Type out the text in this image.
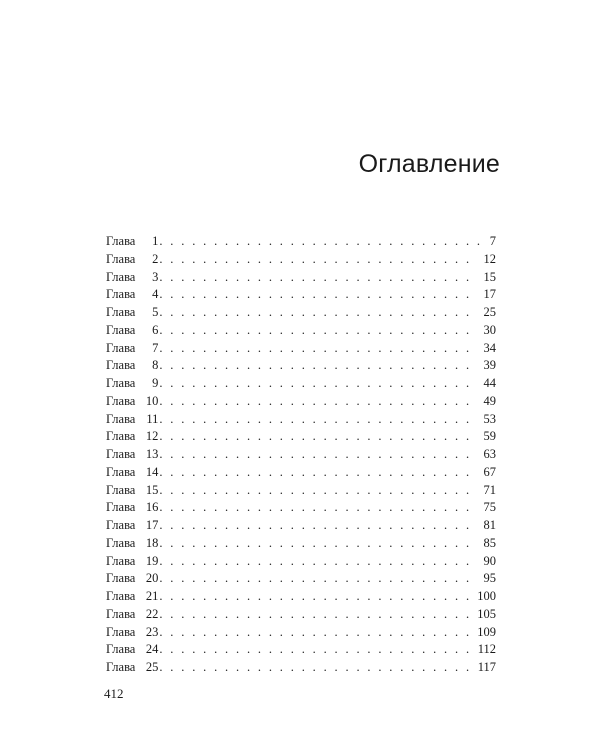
Оглавление
Глава	1 . . .	7
Глава	2 . . .	12
Глава	3 . . .	15
Глава	4 . . .	17
Глава	5 . . .	25
Глава	6 . . .	30
Глава	7 . . .	34
Глава	8 . . .	39
Глава	9 . . .	44
Глава 10 . . .	49
Глава 11 . . .	53
Глава 12 . . .	59
Глава 13 . . .	63
Глава 14 . . .	67
Глава 15 . . .	71
Глава 16 . . .	75
Глава 17 . . .	81
Глава 18 . . .	85
Глава 19 . . .	90
Глава 20 . . .	95
Глава 21 . . .	100
Глава 22 . . .	105
Глава 23 . . .	109
Глава 24 . . .	112
Глава 25 . . .	117

412
